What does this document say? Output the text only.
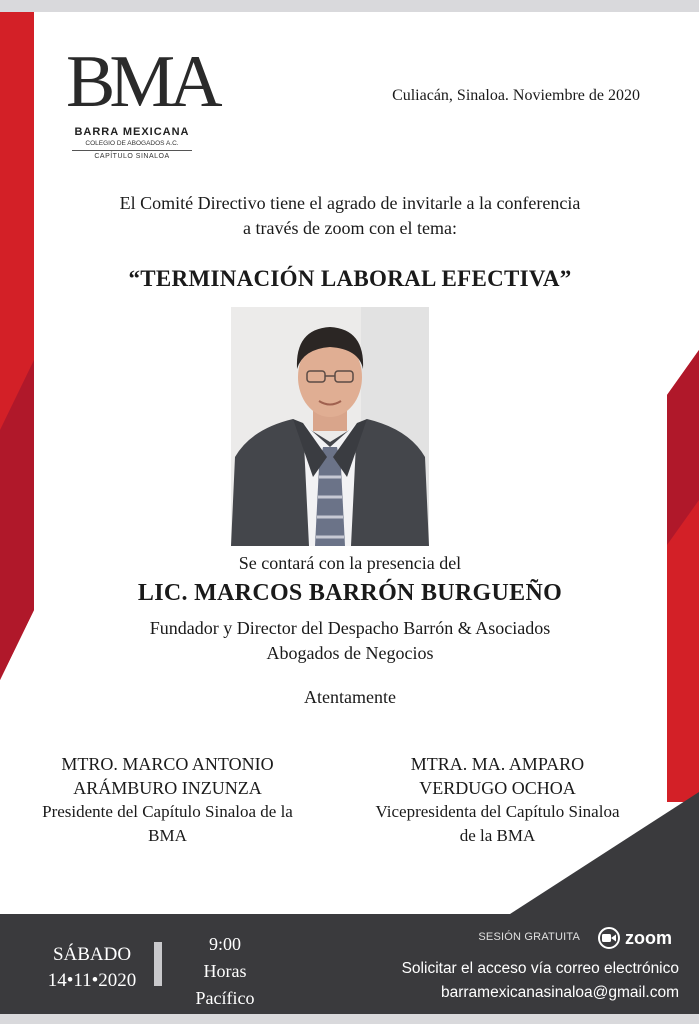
BMA
BARRA MEXICANA
COLEGIO DE ABOGADOS A.C.
CAPÍTULO SINALOA
Culiacán, Sinaloa. Noviembre de 2020
El Comité Directivo tiene el agrado de invitarle a la conferencia
a través de zoom con el tema:
“TERMINACIÓN LABORAL EFECTIVA”
Se contará con la presencia del
LIC. MARCOS BARRÓN BURGUEÑO
Fundador y Director del Despacho Barrón & Asociados
Abogados de Negocios
Atentamente
MTRO. MARCO ANTONIO
ARÁMBURO INZUNZA
Presidente del Capítulo Sinaloa de la
BMA
MTRA. MA. AMPARO
VERDUGO OCHOA
Vicepresidenta del Capítulo Sinaloa
de la BMA
SÁBADO
14•11•2020
9:00
Horas
Pacífico
SESIÓN GRATUITA	zoom
Solicitar el acceso vía correo electrónico
barramexicanasinaloa@gmail.com
